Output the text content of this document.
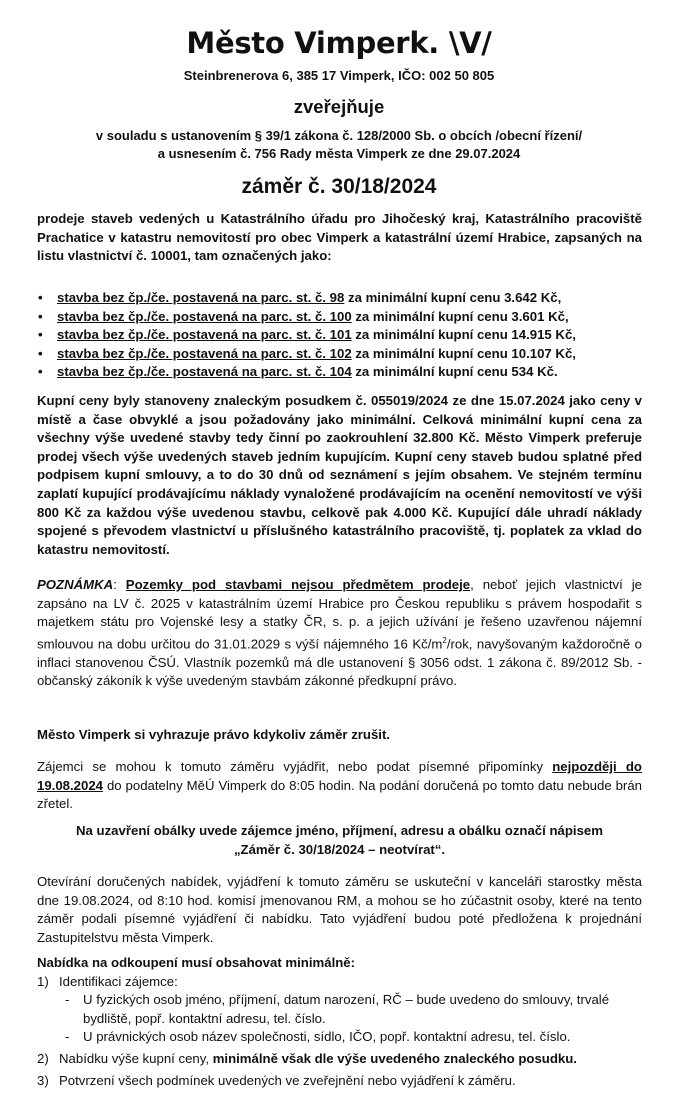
Město Vimperk. \V/
Steinbrenerova 6, 385 17 Vimperk, IČO: 002 50 805
zveřejňuje
v souladu s ustanovením § 39/1 zákona č. 128/2000 Sb. o obcích /obecní řízení/
a usnesením č. 756 Rady města Vimperk ze dne 29.07.2024
záměr č. 30/18/2024
prodeje staveb vedených u Katastrálního úřadu pro Jihočeský kraj, Katastrálního pracoviště Prachatice v katastru nemovitostí pro obec Vimperk a katastrální území Hrabice, zapsaných na listu vlastnictví č. 10001, tam označených jako:
• stavba bez čp./če. postavená na parc. st. č. 98 za minimální kupní cenu 3.642 Kč,
• stavba bez čp./če. postavená na parc. st. č. 100 za minimální kupní cenu 3.601 Kč,
• stavba bez čp./če. postavená na parc. st. č. 101 za minimální kupní cenu 14.915 Kč,
• stavba bez čp./če. postavená na parc. st. č. 102 za minimální kupní cenu 10.107 Kč,
• stavba bez čp./če. postavená na parc. st. č. 104 za minimální kupní cenu 534 Kč.
Kupní ceny byly stanoveny znaleckým posudkem č. 055019/2024 ze dne 15.07.2024 jako ceny v místě a čase obvyklé a jsou požadovány jako minimální. Celková minimální kupní cena za všechny výše uvedené stavby tedy činní po zaokrouhlení 32.800 Kč. Město Vimperk preferuje prodej všech výše uvedených staveb jedním kupujícím. Kupní ceny staveb budou splatné před podpisem kupní smlouvy, a to do 30 dnů od seznámení s jejím obsahem. Ve stejném termínu zaplatí kupující prodávajícímu náklady vynaložené prodávajícím na ocenění nemovitostí ve výši 800 Kč za každou výše uvedenou stavbu, celkově pak 4.000 Kč. Kupující dále uhradí náklady spojené s převodem vlastnictví u příslušného katastrálního pracoviště, tj. poplatek za vklad do katastru nemovitostí.
POZNÁMKA: Pozemky pod stavbami nejsou předmětem prodeje, neboť jejich vlastnictví je zapsáno na LV č. 2025 v katastrálním území Hrabice pro Českou republiku s právem hospodařit s majetkem státu pro Vojenské lesy a statky ČR, s. p. a jejich užívání je řešeno uzavřenou nájemní smlouvou na dobu určitou do 31.01.2029 s výší nájemného 16 $Kč/m^2$/rok, navyšovaným každoročně o inflaci stanovenou ČSÚ. Vlastník pozemků má dle ustanovení § 3056 odst. 1 zákona č. 89/2012 Sb. - občanský zákoník k výše uvedeným stavbám zákonné předkupní právo.
Město Vimperk si vyhrazuje právo kdykoliv záměr zrušit.
Zájemci se mohou k tomuto záměru vyjádřit, nebo podat písemné připomínky nejpozději do 19.08.2024 do podatelny MěÚ Vimperk do 8:05 hodin. Na podání doručená po tomto datu nebude brán zřetel.
Na uzavření obálky uvede zájemce jméno, příjmení, adresu a obálku označí nápisem
„Záměr č. 30/18/2024 – neotvírat“.
Otevírání doručených nabídek, vyjádření k tomuto záměru se uskuteční v kanceláři starostky města dne 19.08.2024, od 8:10 hod. komisí jmenovanou RM, a mohou se ho zúčastnit osoby, které na tento záměr podali písemné vyjádření či nabídku. Tato vyjádření budou poté předložena k projednání Zastupitelstvu města Vimperk.
Nabídka na odkoupení musí obsahovat minimálně:
1) Identifikaci zájemce:
-	U fyzických osob jméno, příjmení, datum narození, RČ – bude uvedeno do smlouvy, trvalé bydliště, popř. kontaktní adresu, tel. číslo.
-	U právnických osob název společnosti, sídlo, IČO, popř. kontaktní adresu, tel. číslo.
2) Nabídku výše kupní ceny, minimálně však dle výše uvedeného znaleckého posudku.
3) Potvrzení všech podmínek uvedených ve zveřejnění nebo vyjádření k záměru.
